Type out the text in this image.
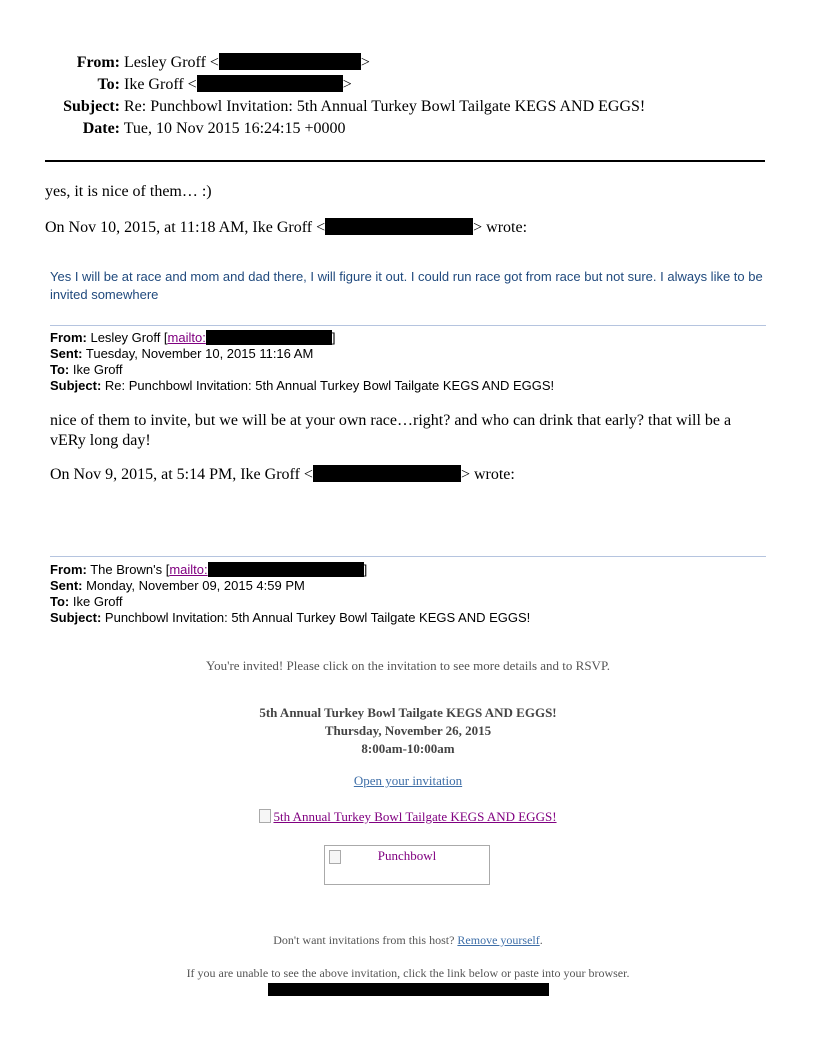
From: Lesley Groff <	>
To: Ike Groff <	>
Subject: Re: Punchbowl Invitation: 5th Annual Turkey Bowl Tailgate KEGS AND EGGS!
Date: Tue, 10 Nov 2015 16:24:15 +0000
yes, it is nice of them… :)
On Nov 10, 2015, at 11:18 AM, Ike Groff <	> wrote:
Yes I will be at race and mom and dad there, I will figure it out. I could run race got from race but not sure. I always like to be invited somewhere
From: Lesley Groff [mailto:	]
Sent: Tuesday, November 10, 2015 11:16 AM
To: Ike Groff
Subject: Re: Punchbowl Invitation: 5th Annual Turkey Bowl Tailgate KEGS AND EGGS!
nice of them to invite, but we will be at your own race…right? and who can drink that early? that will be a vERy long day!
On Nov 9, 2015, at 5:14 PM, Ike Groff <	> wrote:
From: The Brown's [mailto:	]
Sent: Monday, November 09, 2015 4:59 PM
To: Ike Groff
Subject: Punchbowl Invitation: 5th Annual Turkey Bowl Tailgate KEGS AND EGGS!
You're invited! Please click on the invitation to see more details and to RSVP.
5th Annual Turkey Bowl Tailgate KEGS AND EGGS!
Thursday, November 26, 2015
8:00am-10:00am
Open your invitation
5th Annual Turkey Bowl Tailgate KEGS AND EGGS!
Punchbowl
Don't want invitations from this host? Remove yourself.
If you are unable to see the above invitation, click the link below or paste into your browser.
